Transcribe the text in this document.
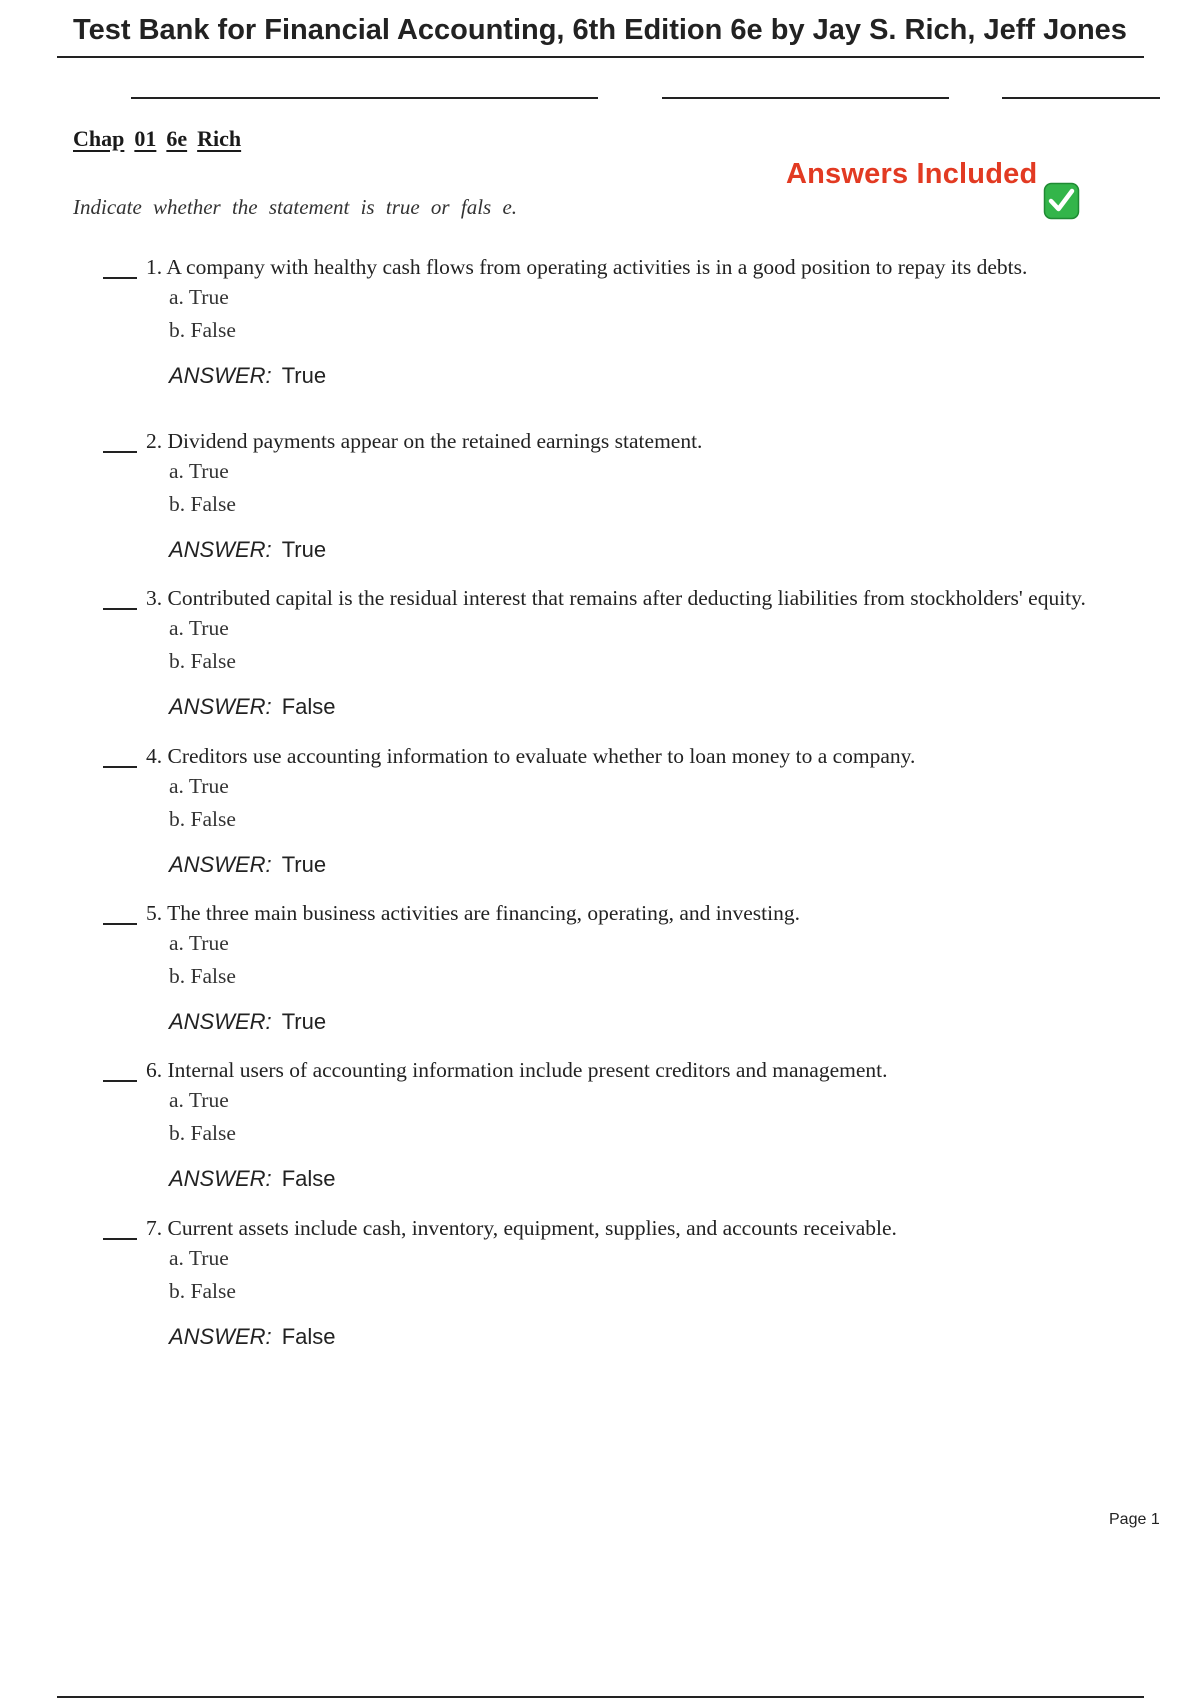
Test Bank for Financial Accounting, 6th Edition 6e by Jay S. Rich, Jeff Jones
Chap 01 6e Rich
Answers Included
Indicate whether the statement is true or fals e.
1. A company with healthy cash flows from operating activities is in a good position to repay its debts.
a. True
b. False
ANSWER: True
2. Dividend payments appear on the retained earnings statement.
a. True
b. False
ANSWER: True
3. Contributed capital is the residual interest that remains after deducting liabilities from stockholders' equity.
a. True
b. False
ANSWER: False
4. Creditors use accounting information to evaluate whether to loan money to a company.
a. True
b. False
ANSWER: True
5. The three main business activities are financing, operating, and investing.
a. True
b. False
ANSWER: True
6. Internal users of accounting information include present creditors and management.
a. True
b. False
ANSWER: False
7. Current assets include cash, inventory, equipment, supplies, and accounts receivable.
a. True
b. False
ANSWER: False
Page 1
